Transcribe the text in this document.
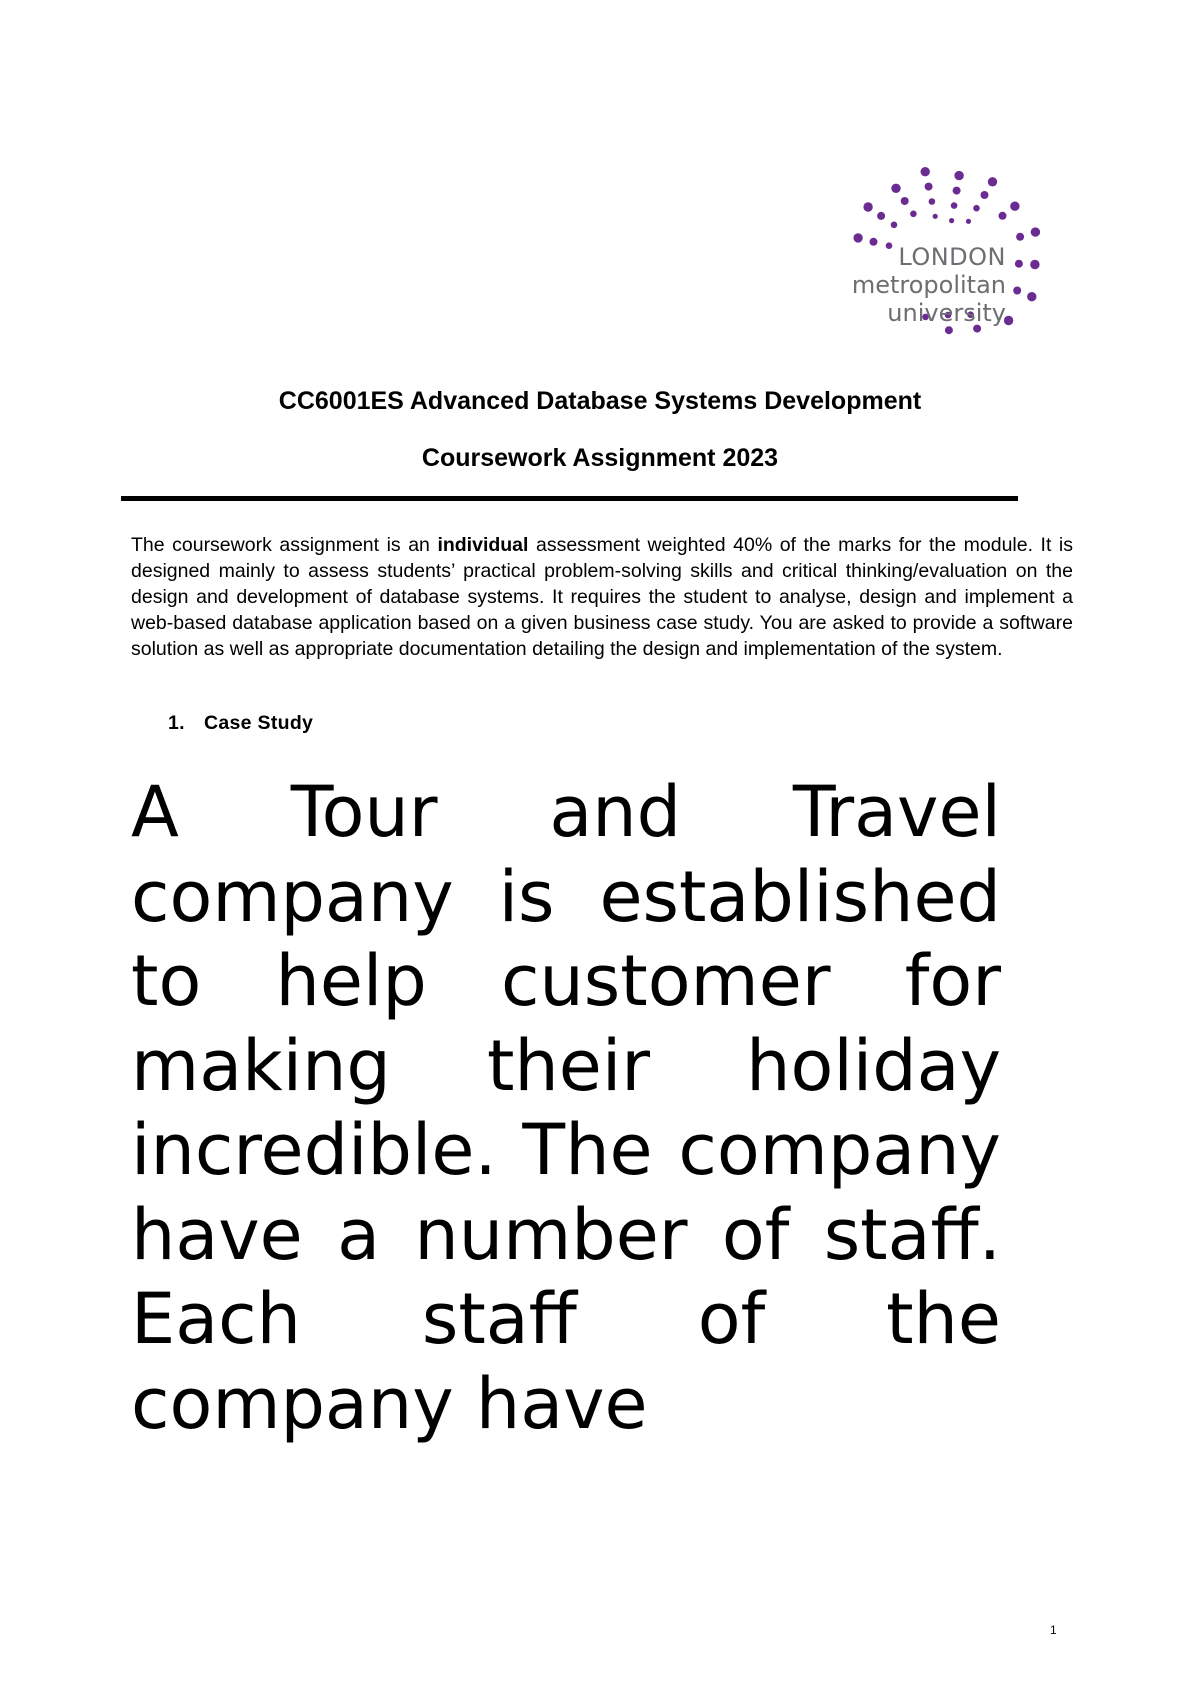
LONDON
metropolitan
university
CC6001ES Advanced Database Systems Development
Coursework Assignment 2023

The coursework assignment is an individual assessment weighted 40% of the marks for the module. It is designed mainly to assess students’ practical problem-solving skills and critical thinking/evaluation on the design and development of database systems. It requires the student to analyse, design and implement a web-based database application based on a given business case study. You are asked to provide a software solution as well as appropriate documentation detailing the design and implementation of the system.

1. Case Study

A Tour and Travel company is established to help customer for making their holiday incredible. The company have a number of staff. Each staff of the company have

1
